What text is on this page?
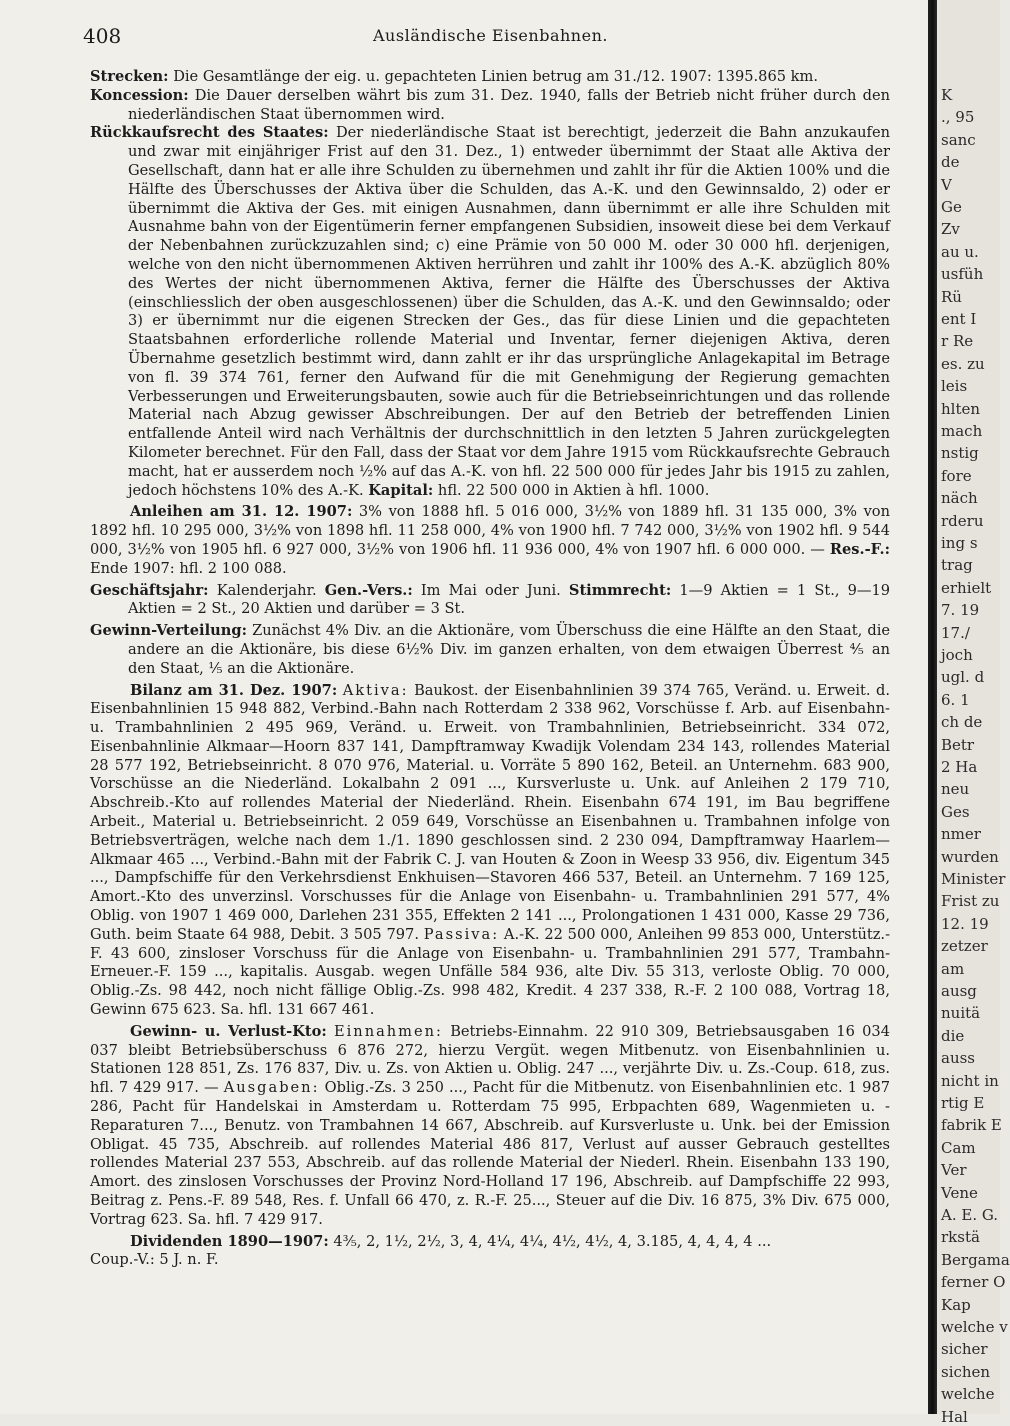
408	Ausländische Eisenbahnen.

Strecken: Die Gesamtlänge der eig. u. gepachteten Linien betrug am 31./12. 1907: 1395.865 km.

Koncession: Die Dauer derselben währt bis zum 31. Dez. 1940, falls der Betrieb nicht früher durch den niederländischen Staat übernommen wird.

Rückkaufsrecht des Staates: Der niederländische Staat ist berechtigt, jederzeit die Bahn anzukaufen und zwar mit einjähriger Frist auf den 31. Dez., 1) entweder übernimmt der Staat alle Aktiva der Gesellschaft, dann hat er alle ihre Schulden zu übernehmen und zahlt ihr für die Aktien 100% und die Hälfte des Überschusses der Aktiva über die Schulden, das A.-K. und den Gewinnsaldo, 2) oder er übernimmt die Aktiva der Ges. mit einigen Ausnahmen, dann übernimmt er alle ihre Schulden mit Ausnahme bahn von der Eigentümerin ferner empfangenen Subsidien, insoweit diese bei dem Verkauf der Nebenbahnen zurückzuzahlen sind; c) eine Prämie von 50 000 M. oder 30 000 hfl. derjenigen, welche von den nicht übernommenen Aktiven herrühren und zahlt ihr 100% des A.-K. abzüglich 80% des Wertes der nicht übernommenen Aktiva, ferner die Hälfte des Überschusses der Aktiva (einschliesslich der oben ausgeschlossenen) über die Schulden, das A.-K. und den Gewinnsaldo; oder 3) er übernimmt nur die eigenen Strecken der Ges., das für diese Linien und die gepachteten Staatsbahnen erforderliche rollende Material und Inventar, ferner diejenigen Aktiva, deren Übernahme gesetzlich bestimmt wird, dann zahlt er ihr das ursprüngliche Anlagekapital im Betrage von fl. 39 374 761, ferner den Aufwand für die mit Genehmigung der Regierung gemachten Verbesserungen und Erweiterungsbauten, sowie auch für die Betriebseinrichtungen und das rollende Material nach Abzug gewisser Abschreibungen. Der auf den Betrieb der betreffenden Linien entfallende Anteil wird nach Verhältnis der durchschnittlich in den letzten 5 Jahren zurückgelegten Kilometer berechnet. Für den Fall, dass der Staat vor dem Jahre 1915 vom Rückkaufsrechte Gebrauch macht, hat er ausserdem noch ½% auf das A.-K. von hfl. 22 500 000 für jedes Jahr bis 1915 zu zahlen, jedoch höchstens 10% des A.-K. Kapital: hfl. 22 500 000 in Aktien à hfl. 1000.

Anleihen am 31. 12. 1907: 3% von 1888 hfl. 5 016 000, 3½% von 1889 hfl. 31 135 000, 3% von 1892 hfl. 10 295 000, 3½% von 1898 hfl. 11 258 000, 4% von 1900 hfl. 7 742 000, 3½% von 1902 hfl. 9 544 000, 3½% von 1905 hfl. 6 927 000, 3½% von 1906 hfl. 11 936 000, 4% von 1907 hfl. 6 000 000. — Res.-F.: Ende 1907: hfl. 2 100 088.

Geschäftsjahr: Kalenderjahr. Gen.-Vers.: Im Mai oder Juni. Stimmrecht: 1—9 Aktien = 1 St., 9—19 Aktien = 2 St., 20 Aktien und darüber = 3 St.

Gewinn-Verteilung: Zunächst 4% Div. an die Aktionäre, vom Überschuss die eine Hälfte an den Staat, die andere an die Aktionäre, bis diese 6½% Div. im ganzen erhalten, von dem etwaigen Überrest ⅘ an den Staat, ⅕ an die Aktionäre.

Bilanz am 31. Dez. 1907: Aktiva: Baukost. der Eisenbahnlinien 39 374 765, Veränd. u. Erweit. d. Eisenbahnlinien 15 948 882, Verbind.-Bahn nach Rotterdam 2 338 962, Vorschüsse f. Arb. auf Eisenbahn- u. Trambahnlinien 2 495 969, Veränd. u. Erweit. von Trambahnlinien, Betriebseinricht. 334 072, Eisenbahnlinie Alkmaar—Hoorn 837 141, Dampftramway Kwadijk Volendam 234 143, rollendes Material 28 577 192, Betriebseinricht. 8 070 976, Material. u. Vorräte 5 890 162, Beteil. an Unternehm. 683 900, Vorschüsse an die Niederländ. Lokalbahn 2 091 ..., Kursverluste u. Unk. auf Anleihen 2 179 710, Abschreib.-Kto auf rollendes Material der Niederländ. Rhein. Eisenbahn 674 191, im Bau begriffene Arbeit., Material u. Betriebseinricht. 2 059 649, Vorschüsse an Eisenbahnen u. Trambahnen infolge von Betriebsverträgen, welche nach dem 1./1. 1890 geschlossen sind. 2 230 094, Dampftramway Haarlem—Alkmaar 465 ..., Verbind.-Bahn mit der Fabrik C. J. van Houten & Zoon in Weesp 33 956, div. Eigentum 345 ..., Dampfschiffe für den Verkehrsdienst Enkhuisen—Stavoren 466 537, Beteil. an Unternehm. 7 169 125, Amort.-Kto des unverzinsl. Vorschusses für die Anlage von Eisenbahn- u. Trambahnlinien 291 577, 4% Oblig. von 1907 1 469 000, Darlehen 231 355, Effekten 2 141 ..., Prolongationen 1 431 000, Kasse 29 736, Guth. beim Staate 64 988, Debit. 3 505 797. Passiva: A.-K. 22 500 000, Anleihen 99 853 000, Unterstütz.-F. 43 600, zinsloser Vorschuss für die Anlage von Eisenbahn- u. Trambahnlinien 291 577, Trambahn-Erneuer.-F. 159 ..., kapitalis. Ausgab. wegen Unfälle 584 936, alte Div. 55 313, verloste Oblig. 70 000, Oblig.-Zs. 98 442, noch nicht fällige Oblig.-Zs. 998 482, Kredit. 4 237 338, R.-F. 2 100 088, Vortrag 18, Gewinn 675 623. Sa. hfl. 131 667 461.

Gewinn- u. Verlust-Kto: Einnahmen: Betriebs-Einnahm. 22 910 309, Betriebsausgaben 16 034 037 bleibt Betriebsüberschuss 6 876 272, hierzu Vergüt. wegen Mitbenutz. von Eisenbahnlinien u. Stationen 128 851, Zs. 176 837, Div. u. Zs. von Aktien u. Oblig. 247 ..., verjährte Div. u. Zs.-Coup. 618, zus. hfl. 7 429 917. — Ausgaben: Oblig.-Zs. 3 250 ..., Pacht für die Mitbenutz. von Eisenbahnlinien etc. 1 987 286, Pacht für Handelskai in Amsterdam u. Rotterdam 75 995, Erbpachten 689, Wagenmieten u. -Reparaturen 7..., Benutz. von Trambahnen 14 667, Abschreib. auf Kursverluste u. Unk. bei der Emission Obligat. 45 735, Abschreib. auf rollendes Material 486 817, Verlust auf ausser Gebrauch gestelltes rollendes Material 237 553, Abschreib. auf das rollende Material der Niederl. Rhein. Eisenbahn 133 190, Amort. des zinslosen Vorschusses der Provinz Nord-Holland 17 196, Abschreib. auf Dampfschiffe 22 993, Beitrag z. Pens.-F. 89 548, Res. f. Unfall 66 470, z. R.-F. 25..., Steuer auf die Div. 16 875, 3% Div. 675 000, Vortrag 623. Sa. hfl. 7 429 917.

Dividenden 1890—1907: 4⅗, 2, 1½, 2½, 3, 4, 4¼, 4¼, 4½, 4½, 4, 3.185, 4, 4, 4, 4 ...

Coup.-V.: 5 J. n. F.

K
., 95
sanc
de
V
Ge
Zv
au u.
usfüh
Rü
ent I
r Re
es. zu
leis
hlten
mach
nstig
fore
näch
rderu
ing s
trag
erhielt
7. 19
17./
joch
ugl. d
6. 1
ch de
Betr
2 Ha
neu
Ges
nmer
wurden
Minister
Frist zu
12. 19
zetzer
am
ausg
nuitä
die
auss
nicht in
rtig E
fabrik E
Cam
Ver
Vene
A. E. G.
rkstä
Bergama
ferner O
Kap
welche v
sicher
sichen
welche
Hal
